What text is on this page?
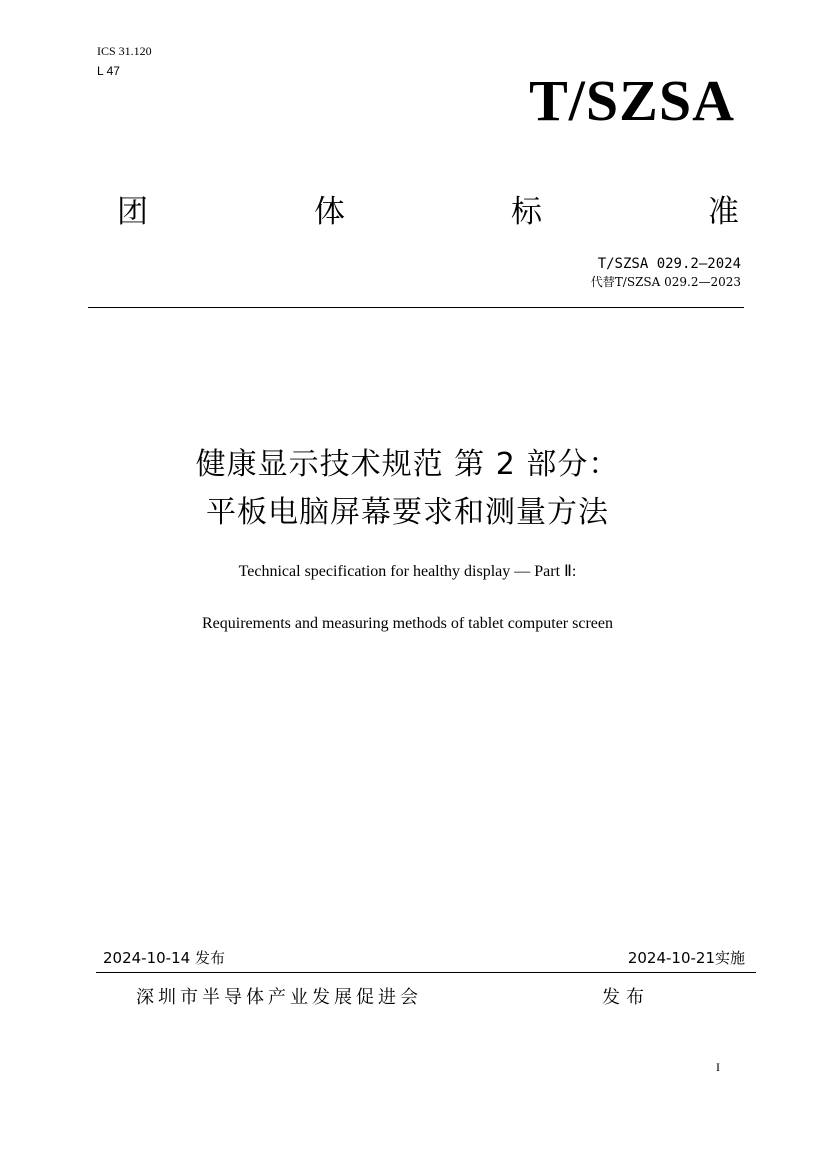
ICS 31.120
L 47	T/SZSA
团	体	标	准
T/SZSA 029.2—2024
代替T/SZSA 029.2—2023
健康显示技术规范 第 2 部分：
平板电脑屏幕要求和测量方法
Technical specification for healthy display — Part Ⅱ:
Requirements and measuring methods of tablet computer screen
2024-10-14 发布	2024-10-21实施
深圳市半导体产业发展促进会	发布
I
